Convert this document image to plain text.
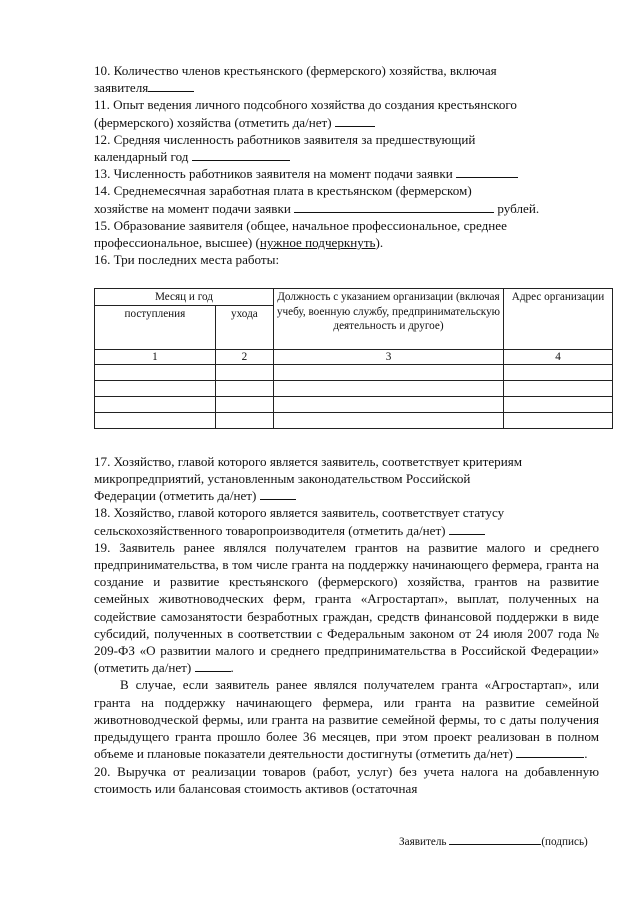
10. Количество членов крестьянского (фермерского) хозяйства, включая
заявителя

11. Опыт ведения личного подсобного хозяйства до создания крестьянского
(фермерского) хозяйства (отметить да/нет)

12. Средняя численность работников заявителя за предшествующий
календарный год

13. Численность работников заявителя на момент подачи заявки

14. Среднемесячная заработная плата в крестьянском (фермерском)
хозяйстве на момент подачи заявки	рублей.

15. Образование заявителя (общее, начальное профессиональное, среднее
профессиональное, высшее) (нужное подчеркнуть).

16. Три последних места работы:

Месяц и год		Должность с указанием организации (включая учебу, военную службу, предпринимательскую деятельность и другое)	Адрес организации
поступления	ухода		
1	2	3	4

17. Хозяйство, главой которого является заявитель, соответствует критериям
микропредприятий, установленным законодательством Российской
Федерации (отметить да/нет)

18. Хозяйство, главой которого является заявитель, соответствует статусу
сельскохозяйственного товаропроизводителя (отметить да/нет)

19. Заявитель ранее являлся получателем грантов на развитие малого и среднего предпринимательства, в том числе гранта на поддержку начинающего фермера, гранта на создание и развитие крестьянского (фермерского) хозяйства, грантов на развитие семейных животноводческих ферм, гранта «Агростартап», выплат, полученных на содействие самозанятости безработных граждан, средств финансовой поддержки в виде субсидий, полученных в соответствии с Федеральным законом от 24 июля 2007 года № 209-ФЗ «О развитии малого и среднего предпринимательства в Российской Федерации» (отметить да/нет)	.

В случае, если заявитель ранее являлся получателем гранта «Агростартап», или гранта на поддержку начинающего фермера, или гранта на развитие семейной животноводческой фермы, или гранта на развитие семейной фермы, то с даты получения предыдущего гранта прошло более 36 месяцев, при этом проект реализован в полном объеме и плановые показатели деятельности достигнуты (отметить да/нет)	.

20. Выручка от реализации товаров (работ, услуг) без учета налога на добавленную стоимость или балансовая стоимость активов (остаточная

Заявитель	(подпись)
